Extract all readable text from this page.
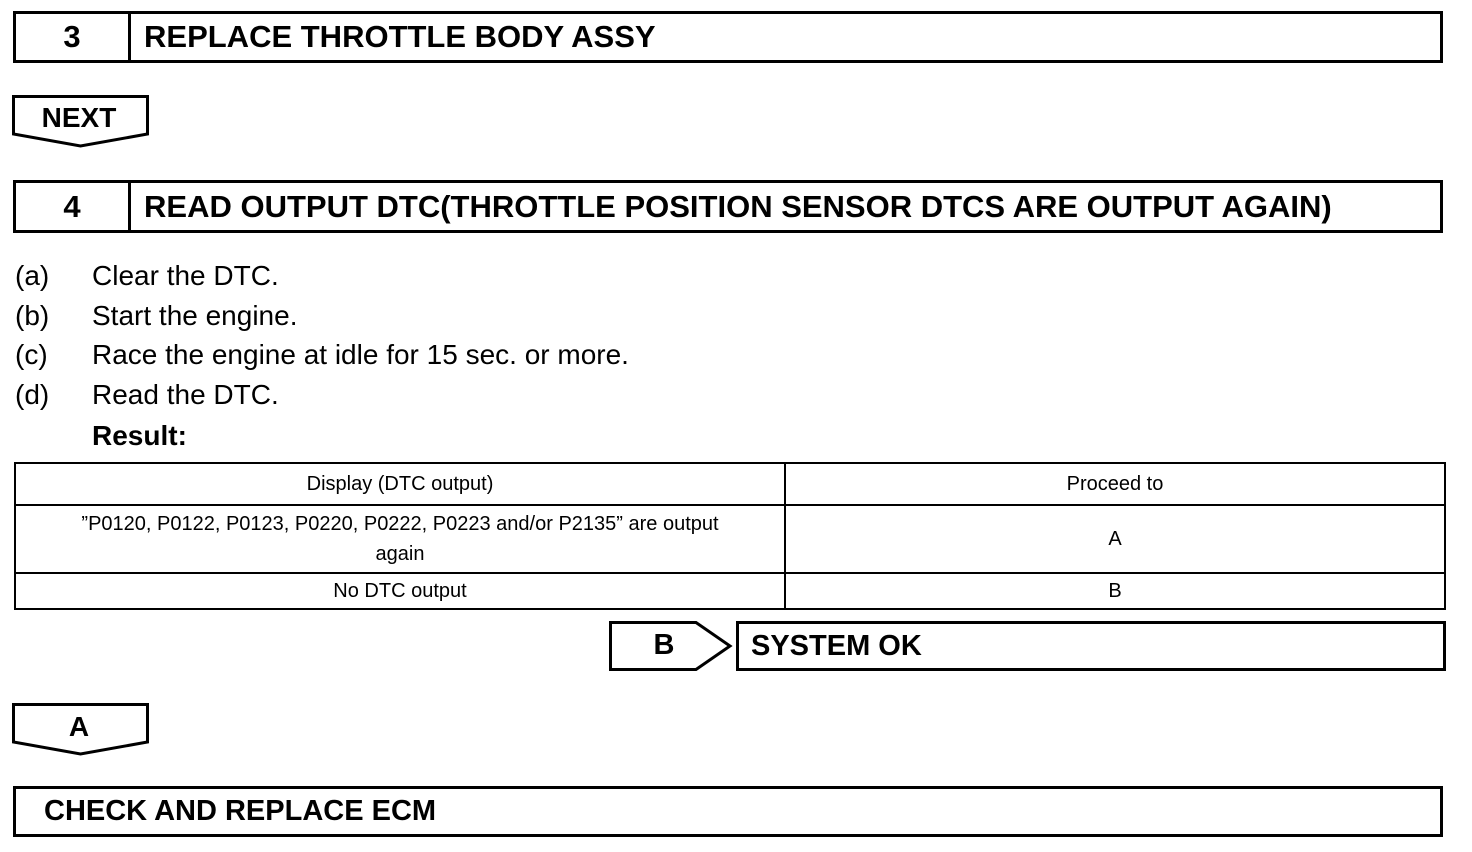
3	REPLACE THROTTLE BODY ASSY
NEXT
4	READ OUTPUT DTC(THROTTLE POSITION SENSOR DTCS ARE OUTPUT AGAIN)
(a) Clear the DTC.
(b) Start the engine.
(c) Race the engine at idle for 15 sec. or more.
(d) Read the DTC.
Result:
Display (DTC output)	Proceed to
”P0120, P0122, P0123, P0220, P0222, P0223 and/or P2135” are output again	A
No DTC output	B
B	SYSTEM OK
A
CHECK AND REPLACE ECM
